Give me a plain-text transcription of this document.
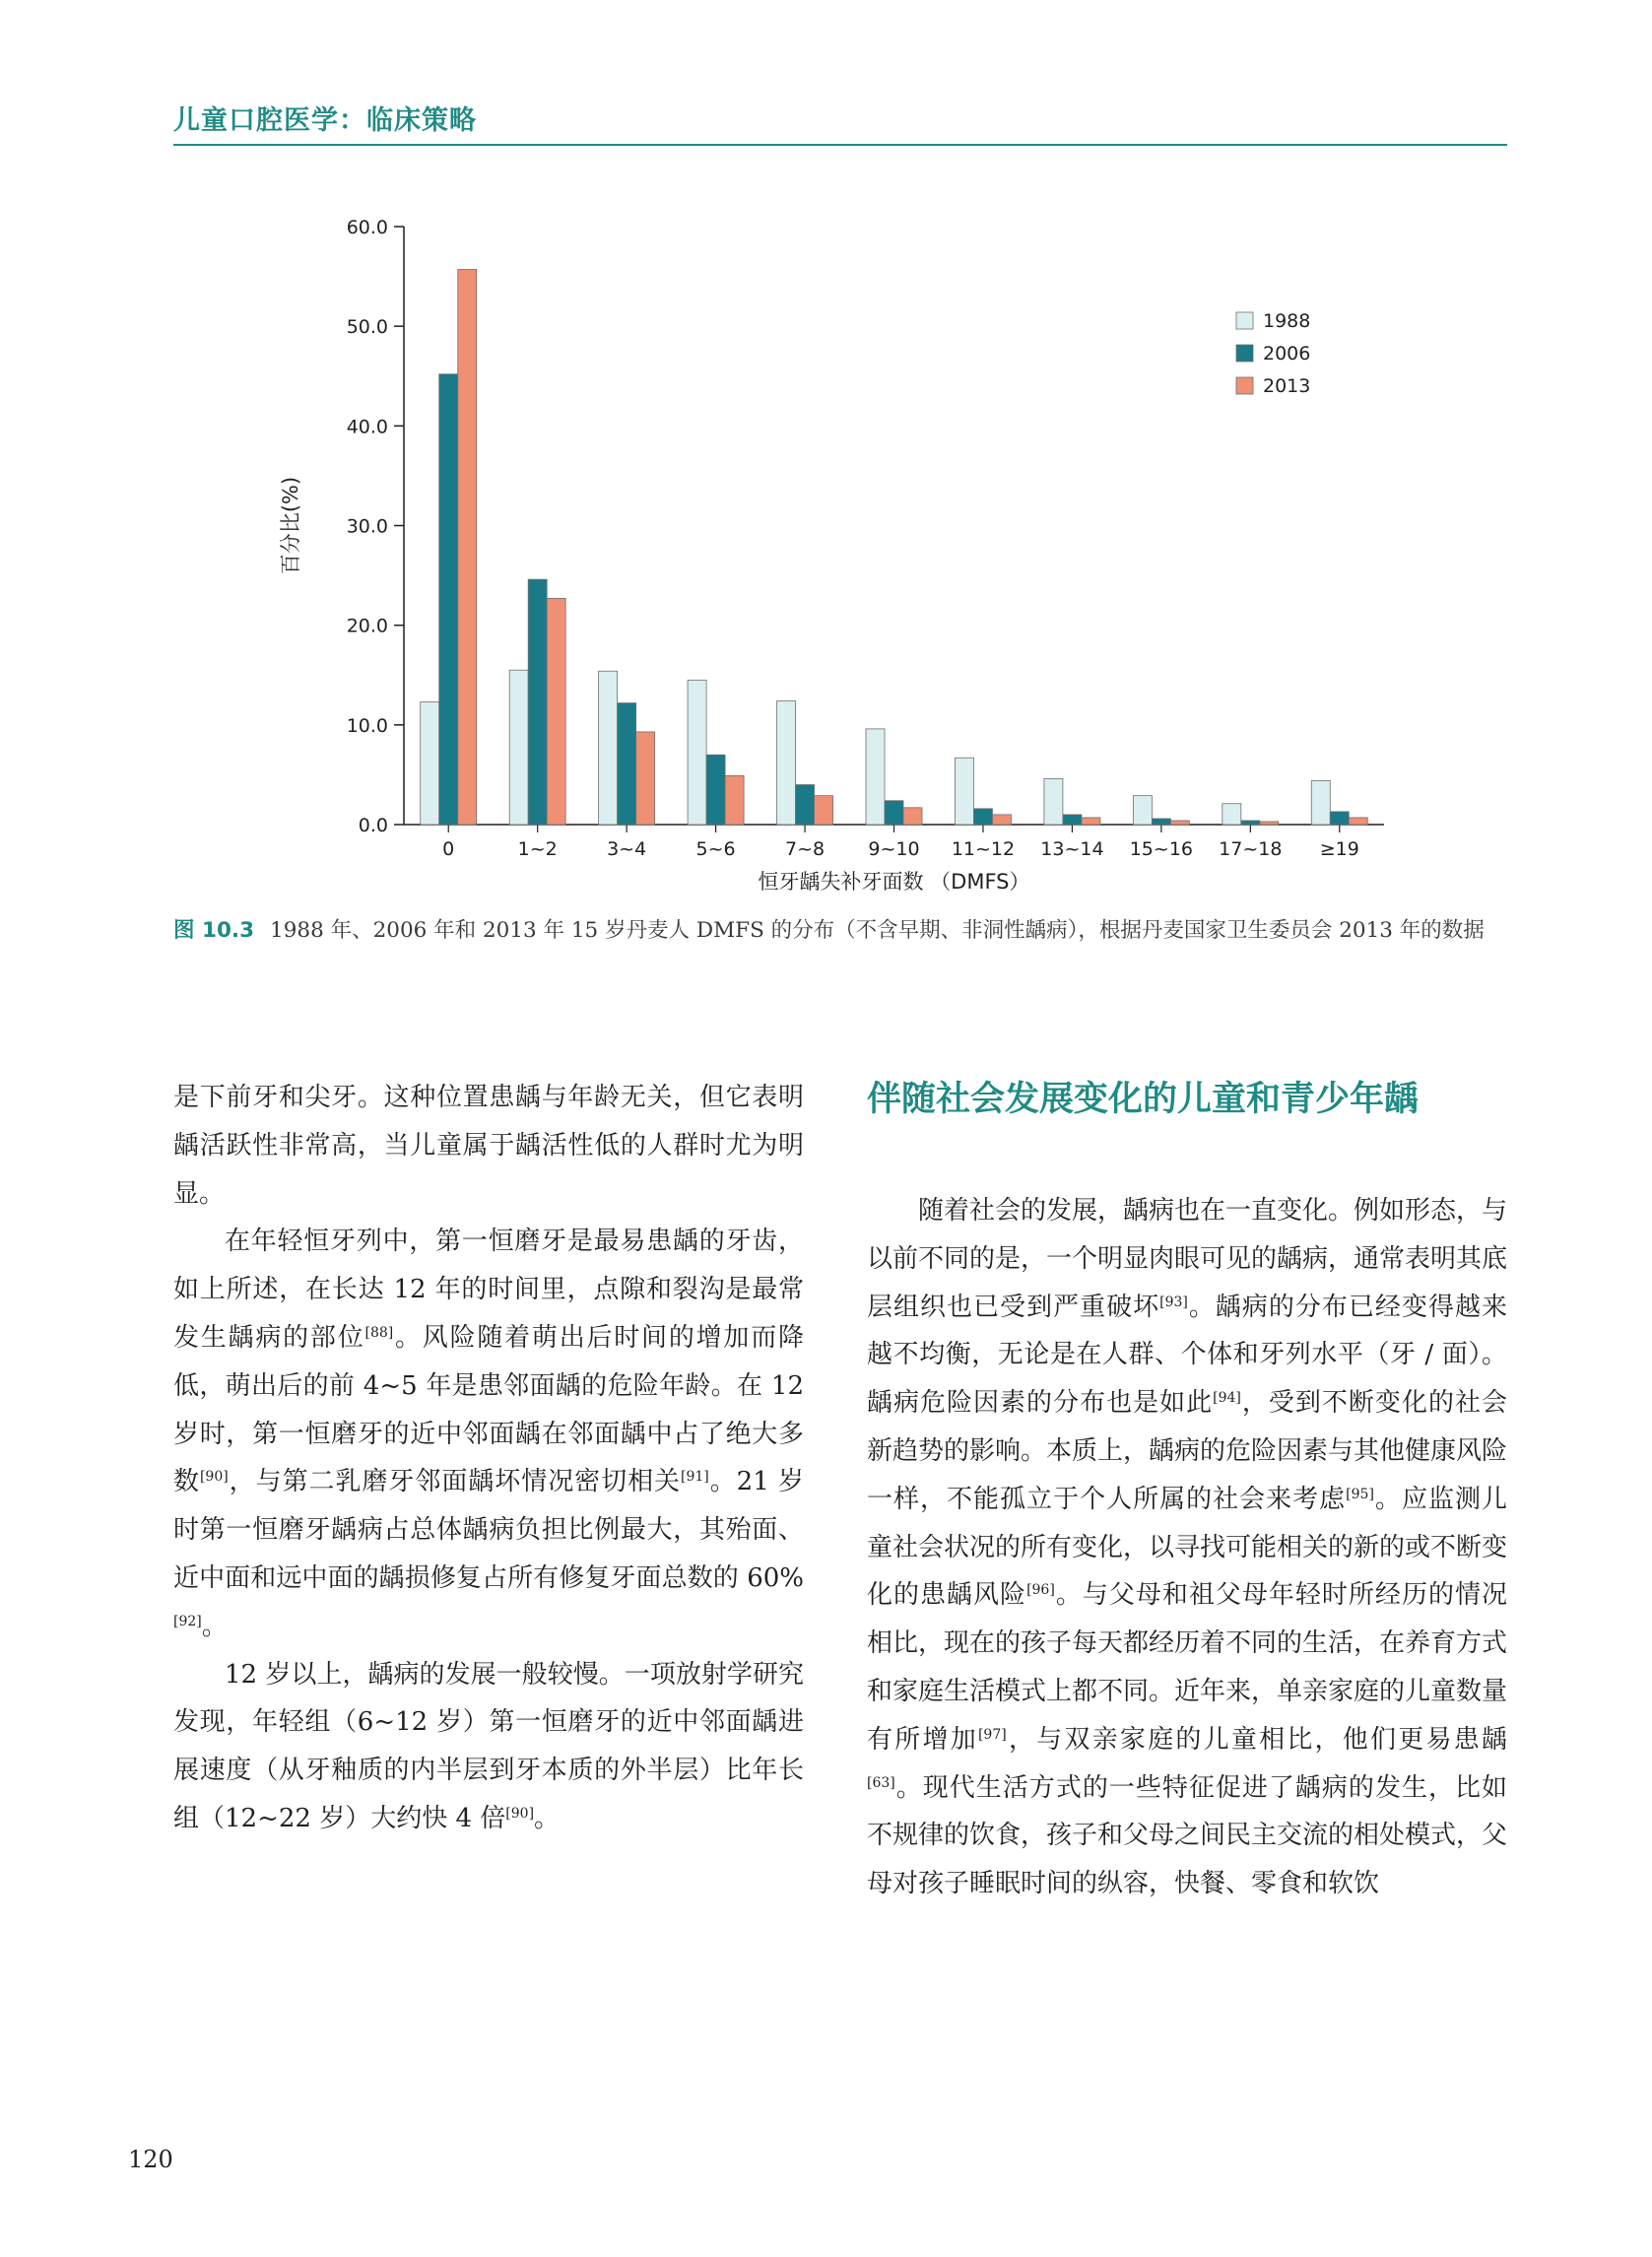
儿童口腔医学：临床策略
0.0
10.0
20.0
30.0
40.0
50.0
60.0
0	1~2	3~4	5~6	7~8 9~10 11~12 13~14 15~16 17~18 ≥19
恒牙龋失补牙面数 （DMFS）
百分比(%)
1988
2006
2013
图 10.3 1988 年、2006 年和 2013 年 15 岁丹麦人 DMFS 的分布（不含早期、非洞性龋病），根据丹麦国家卫生委员会 2013 年的数据

是下前牙和尖牙。这种位置患龋与年龄无关，但它表明龋活跃性非常高，当儿童属于龋活性低的人群时尤为明显。

在年轻恒牙列中，第一恒磨牙是最易患龋的牙齿，如上所述，在长达 12 年的时间里，点隙和裂沟是最常发生龋病的部位[88]。风险随着萌出后时间的增加而降低，萌出后的前 4~5 年是患邻面龋的危险年龄。在 12 岁时，第一恒磨牙的近中邻面龋在邻面龋中占了绝大多数[90]，与第二乳磨牙邻面龋坏情况密切相关[91]。21 岁时第一恒磨牙龋病占总体龋病负担比例最大，其殆面、近中面和远中面的龋损修复占所有修复牙面总数的 60%[92]。

12 岁以上，龋病的发展一般较慢。一项放射学研究发现，年轻组（6~12 岁）第一恒磨牙的近中邻面龋进展速度（从牙釉质的内半层到牙本质的外半层）比年长组（12~22 岁）大约快 4 倍[90]。

伴随社会发展变化的儿童和青少年龋

随着社会的发展，龋病也在一直变化。例如形态，与以前不同的是，一个明显肉眼可见的龋病，通常表明其底层组织也已受到严重破坏[93]。龋病的分布已经变得越来越不均衡，无论是在人群、个体和牙列水平（牙 / 面）。龋病危险因素的分布也是如此[94]，受到不断变化的社会新趋势的影响。本质上，龋病的危险因素与其他健康风险一样，不能孤立于个人所属的社会来考虑[95]。应监测儿童社会状况的所有变化，以寻找可能相关的新的或不断变化的患龋风险[96]。与父母和祖父母年轻时所经历的情况相比，现在的孩子每天都经历着不同的生活，在养育方式和家庭生活模式上都不同。近年来，单亲家庭的儿童数量有所增加[97]，与双亲家庭的儿童相比，他们更易患龋[63]。现代生活方式的一些特征促进了龋病的发生，比如不规律的饮食，孩子和父母之间民主交流的相处模式，父母对孩子睡眠时间的纵容，快餐、零食和软饮

120
